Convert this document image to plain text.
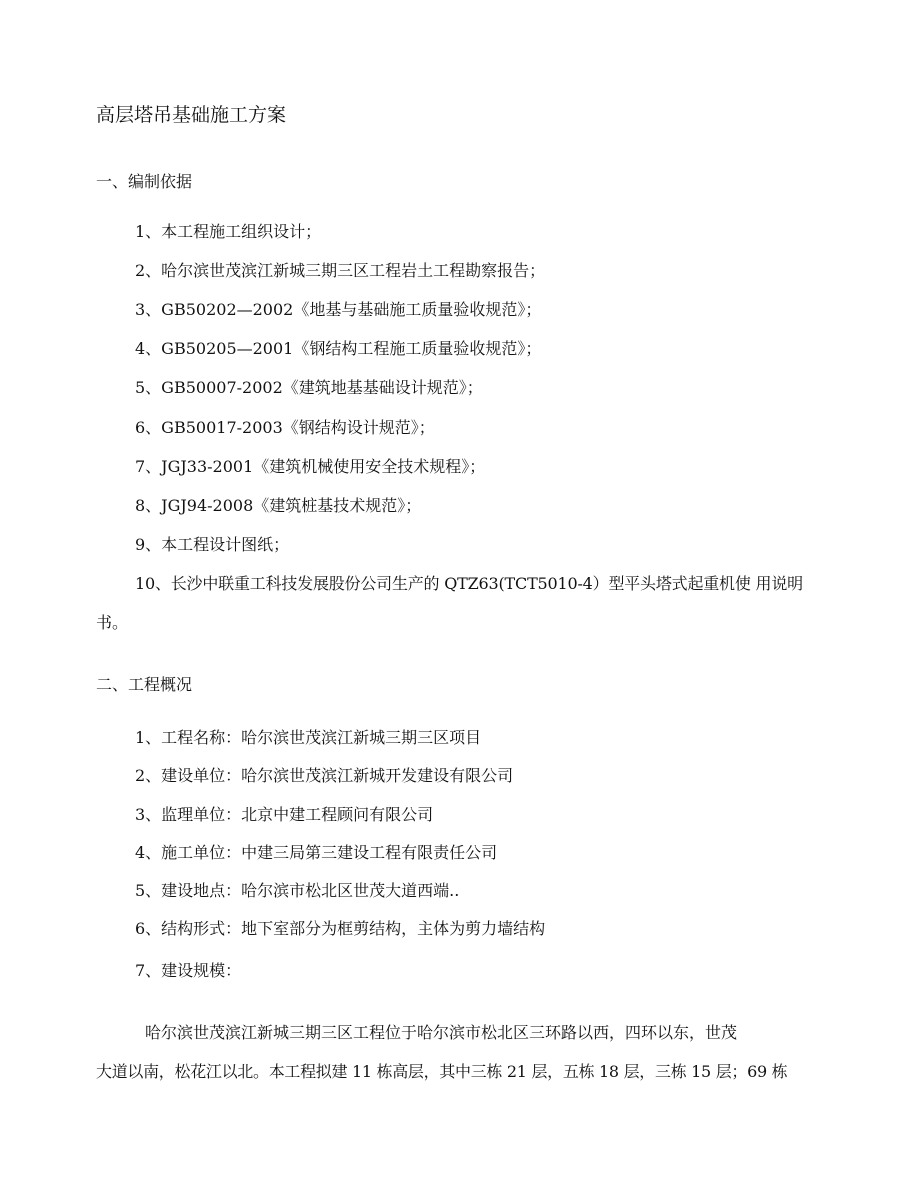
高层塔吊基础施工方案
一、编制依据
1、本工程施工组织设计；
2、哈尔滨世茂滨江新城三期三区工程岩土工程勘察报告；
3、GB50202—2002《地基与基础施工质量验收规范》；
4、GB50205—2001《钢结构工程施工质量验收规范》；
5、GB50007-2002《建筑地基基础设计规范》；
6、GB50017-2003《钢结构设计规范》；
7、JGJ33-2001《建筑机械使用安全技术规程》；
8、JGJ94-2008《建筑桩基技术规范》；
9、本工程设计图纸；
10、长沙中联重工科技发展股份公司生产的 QTZ63(TCT5010-4）型平头塔式起重机使 用说明
书。
二、工程概况
1、工程名称：哈尔滨世茂滨江新城三期三区项目
2、建设单位：哈尔滨世茂滨江新城开发建设有限公司
3、监理单位：北京中建工程顾问有限公司
4、施工单位：中建三局第三建设工程有限责任公司
5、建设地点：哈尔滨市松北区世茂大道西端..
6、结构形式：地下室部分为框剪结构，主体为剪力墙结构
7、建设规模：
哈尔滨世茂滨江新城三期三区工程位于哈尔滨市松北区三环路以西，四环以东，世茂
大道以南，松花江以北。本工程拟建 11 栋高层，其中三栋 21 层，五栋 18 层，三栋 15 层；69 栋
